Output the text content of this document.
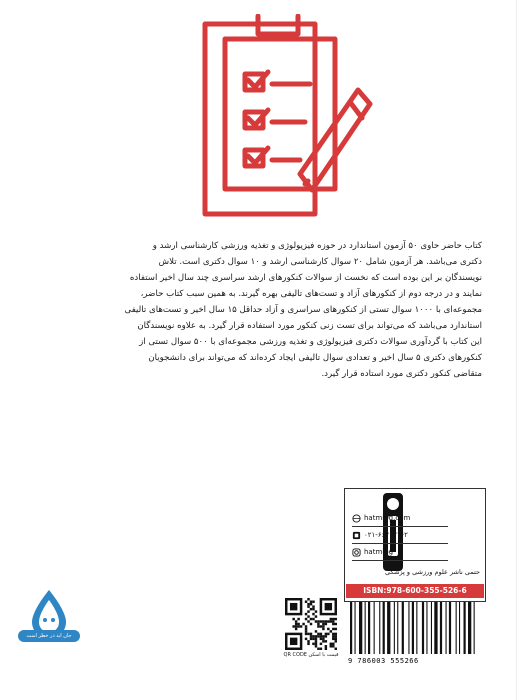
کتاب حاضر حاوی ۵۰ آزمون استاندارد در حوزه فیزیولوژی و تغذیه ورزشی کارشناسی ارشد و

دکتری می‌باشد. هر آزمون شامل ۲۰ سوال کارشناسی ارشد و ۱۰ سوال دکتری است. تلاش

نویسندگان بر این بوده است که نخست از سوالات کنکورهای ارشد سراسری چند سال اخیر استفاده

نمایند و در درجه دوم از کنکورهای آزاد و تست‌های تالیفی بهره گیرند. به همین سبب کتاب حاضر،

مجموعه‌ای با ۱۰۰۰ سوال تستی از کنکورهای سراسری و آزاد حداقل ۱۵ سال اخیر و تست‌های تالیفی

استاندارد می‌باشد که می‌تواند برای تست زنی کنکور مورد استفاده قرار گیرد. به علاوه نویسندگان

این کتاب با گردآوری سوالات دکتری فیزیولوژی و تغذیه ورزشی مجموعه‌ای با ۵۰۰ سوال تستی از

کنکورهای دکتری ۵ سال اخیر و تعدادی سوال تالیفی ایجاد کرده‌اند که می‌تواند برای دانشجویان

متقاضی کنکور دکتری مورد استاده قرار گیرد.

جان ابد در خطر است
hatmipg.com
۰۲۱-۶۶۴۰۳۱۶۲
hatmipg
حتمی ناشر علوم ورزشی و پزشکی
ISBN:978-600-355-526-6
9 786003 555266
قیمت با اسکن QR CODE
